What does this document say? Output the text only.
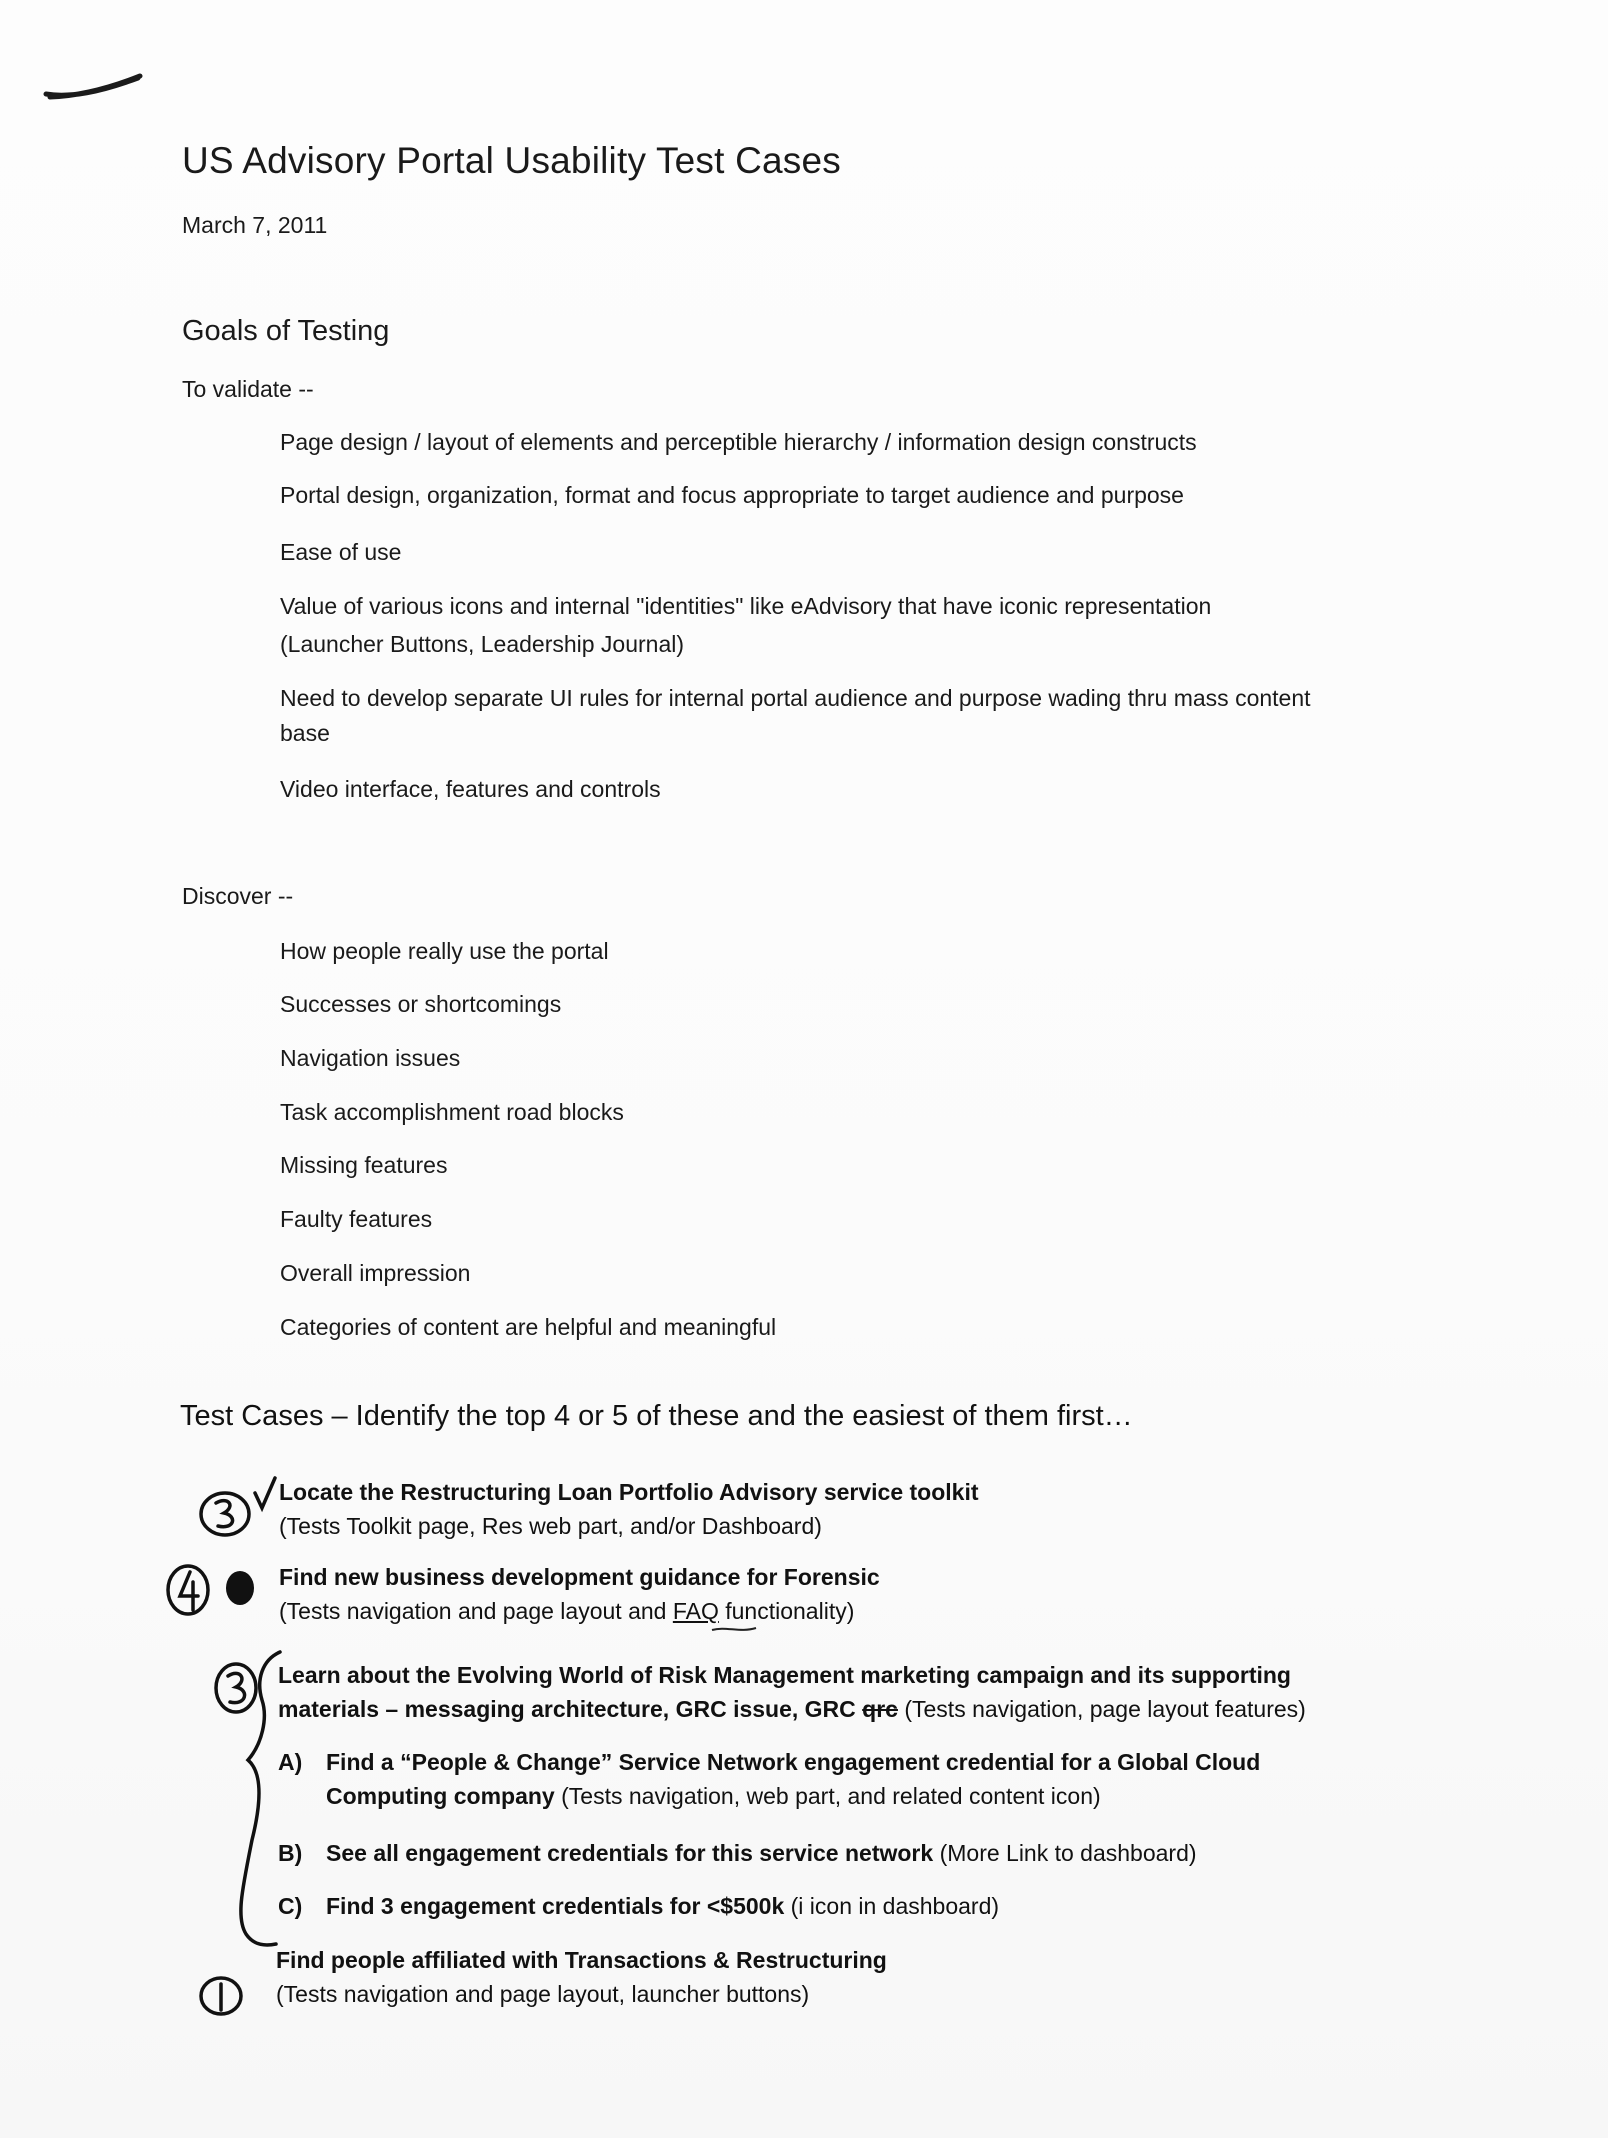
US Advisory Portal Usability Test Cases
March 7, 2011
Goals of Testing
To validate --
Page design / layout of elements and perceptible hierarchy / information design constructs
Portal design, organization, format and focus appropriate to target audience and purpose
Ease of use
Value of various icons and internal "identities" like eAdvisory that have iconic representation
(Launcher Buttons, Leadership Journal)
Need to develop separate UI rules for internal portal audience and purpose wading thru mass content
base
Video interface, features and controls
Discover --
How people really use the portal
Successes or shortcomings
Navigation issues
Task accomplishment road blocks
Missing features
Faulty features
Overall impression
Categories of content are helpful and meaningful
Test Cases – Identify the top 4 or 5 of these and the easiest of them first…
Locate the Restructuring Loan Portfolio Advisory service toolkit
(Tests Toolkit page, Res web part, and/or Dashboard)
Find new business development guidance for Forensic
(Tests navigation and page layout and FAQ functionality)
Learn about the Evolving World of Risk Management marketing campaign and its supporting
materials – messaging architecture, GRC issue, GRC qrc (Tests navigation, page layout features)
A) Find a “People & Change” Service Network engagement credential for a Global Cloud
Computing company (Tests navigation, web part, and related content icon)
B) See all engagement credentials for this service network (More Link to dashboard)
C) Find 3 engagement credentials for <$500k (i icon in dashboard)
Find people affiliated with Transactions & Restructuring
(Tests navigation and page layout, launcher buttons)
